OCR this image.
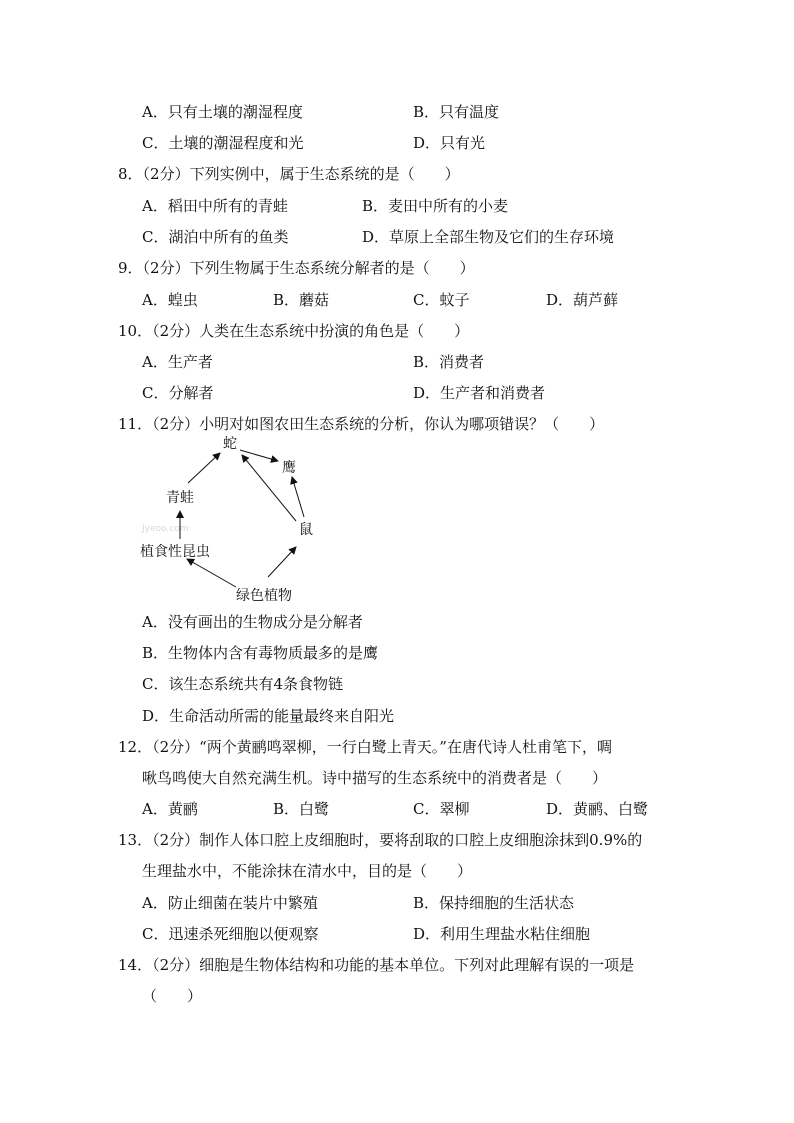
A．只有土壤的潮湿程度	B．只有温度
C．土壤的潮湿程度和光	D．只有光
8．（2分）下列实例中，属于生态系统的是（　　）
A．稻田中所有的青蛙	B．麦田中所有的小麦
C．湖泊中所有的鱼类	D．草原上全部生物及它们的生存环境
9．（2分）下列生物属于生态系统分解者的是（　　）
A．蝗虫	B．蘑菇	C．蚊子	D．葫芦藓
10．（2分）人类在生态系统中扮演的角色是（　　）
A．生产者	B．消费者
C．分解者	D．生产者和消费者
11．（2分）小明对如图农田生态系统的分析，你认为哪项错误？（　　）
蛇
鹰
青蛙
鼠
植食性昆虫
绿色植物
Jyeoo.com
A．没有画出的生物成分是分解者
B．生物体内含有毒物质最多的是鹰
C．该生态系统共有4条食物链
D．生命活动所需的能量最终来自阳光
12．（2分）“两个黄鹂鸣翠柳，一行白鹭上青天。”在唐代诗人杜甫笔下，啁
啾鸟鸣使大自然充满生机。诗中描写的生态系统中的消费者是（　　）
A．黄鹂	B．白鹭	C．翠柳	D．黄鹂、白鹭
13．（2分）制作人体口腔上皮细胞时，要将刮取的口腔上皮细胞涂抹到0.9%的
生理盐水中，不能涂抹在清水中，目的是（　　）
A．防止细菌在装片中繁殖	B．保持细胞的生活状态
C．迅速杀死细胞以便观察	D．利用生理盐水粘住细胞
14．（2分）细胞是生物体结构和功能的基本单位。下列对此理解有误的一项是
（　　）
